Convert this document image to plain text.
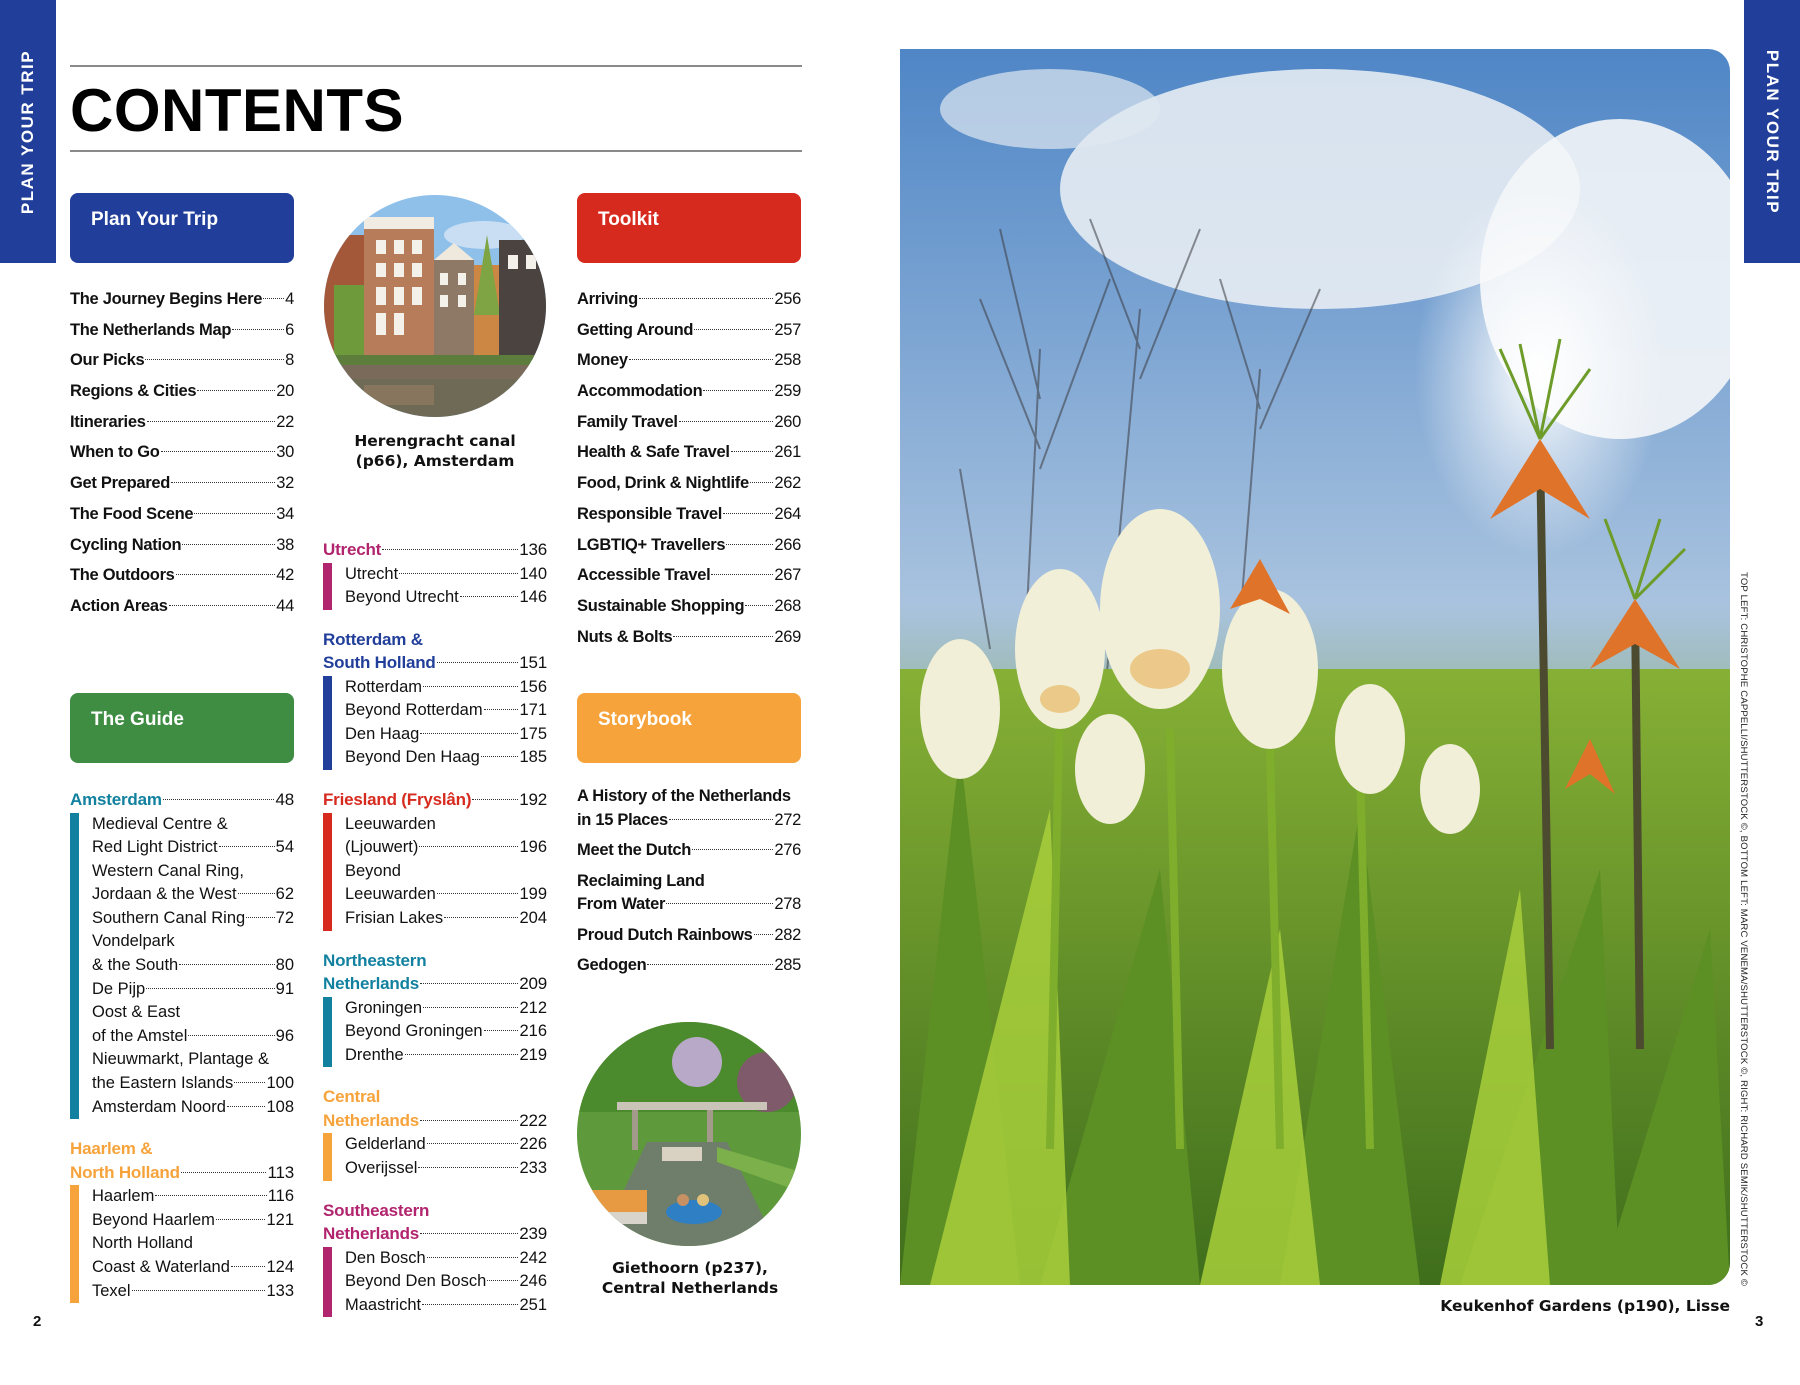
PLAN YOUR TRIP	PLAN YOUR TRIP
CONTENTS
Plan Your Trip
The Guide
Toolkit
Storybook
The Journey Begins Here 4
The Netherlands Map	6
Our Picks	8
Regions & Cities	20
Itineraries	22
When to Go	30
Get Prepared	32
The Food Scene	34
Cycling Nation	38
The Outdoors	42
Action Areas	44
Arriving	256
Getting Around	257
Money	258
Accommodation	259
Family Travel	260
Health & Safe Travel	261
Food, Drink & Nightlife 262
Responsible Travel	264
LGBTIQ+ Travellers	266
Accessible Travel	267
Sustainable Shopping 268
Nuts & Bolts	269
A History of the Netherlands
in 15 Places	272
Meet the Dutch	276
Reclaiming Land
From Water	278
Proud Dutch Rainbows 282
Gedogen	285
Amsterdam	48
Medieval Centre &
Red Light District	54
Western Canal Ring,
Jordaan & the West 62
Southern Canal Ring 72
Vondelpark
& the South	80
De Pijp	91
Oost & East
of the Amstel	96
Nieuwmarkt, Plantage &
the Eastern Islands 100
Amsterdam Noord 108
Haarlem &
North Holland	113
Haarlem	116
Beyond Haarlem	121
North Holland
Coast & Waterland 124
Texel	133
Utrecht	136
Utrecht	140
Beyond Utrecht	146
Rotterdam &
South Holland	151
Rotterdam	156
Beyond Rotterdam 171
Den Haag	175
Beyond Den Haag 185
Friesland (Fryslân)	192
Leeuwarden
(Ljouwert)	196
Beyond
Leeuwarden	199
Frisian Lakes	204
Northeastern
Netherlands	209
Groningen	212
Beyond Groningen 216
Drenthe	219
Central
Netherlands	222
Gelderland	226
Overijssel	233
Southeastern
Netherlands	239
Den Bosch	242
Beyond Den Bosch 246
Maastricht	251
Herengracht canal
(p66), Amsterdam
Giethoorn (p237),
Central Netherlands
TOP LEFT: CHRISTOPHE CAPPELLI/SHUTTERSTOCK ©, BOTTOM LEFT: MARC VENEMA/SHUTTERSTOCK ©, RIGHT: RICHARD SEMIK/SHUTTERSTOCK ©
Keukenhof Gardens (p190), Lisse
2	3
